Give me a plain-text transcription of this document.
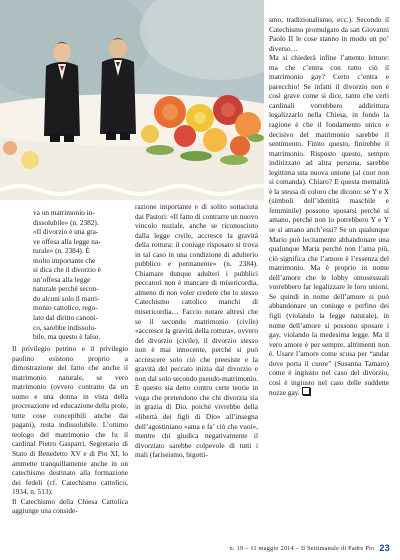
va un matrimonio in-
dissolubile» (n. 2382).
«Il divorzio è una gra-
ve offesa alla legge na-
turale» (n. 2384). È
molto importante che
si dica che il divorzio è
un’offesa alla legge
naturale perché secon-
do alcuni solo il matri-
monio cattolico, rego-
lato dal diritto canoni-
co, sarebbe indissolu-
bile, ma questo è falso.

Il privilegio petrino e il privilegio paolino esistono proprio a dimostrazione del fatto che anche il matrimonio naturale, se vero matrimonio (ovvero contratto da un uomo e una donna in vista della procreazione ed educazione della prole, tutte cose concepibili anche dai pagani), resta indissolubile. L’ottimo teologo del matrimonio che fu il cardinal Pietro Gasparri, Segretario di Stato di Benedetto XV e di Pio XI, lo ammette tranquillamente anche in un catechismo destinato alla formazione dei fedeli (cf. Catechismo cattolico, 1934, n. 513).
Il Catechismo della Chiesa Cattolica aggiunge una conside-

razione importante e di solito sottaciuta dai Pastori: «Il fatto di contrarre un nuovo vincolo nuziale, anche se riconosciuto dalla legge civile, accresce la gravità della rottura: il coniuge risposato si trova in tal caso in una condizione di adulterio pubblico e permanente» (n. 2384). Chiamare dunque adulteri i pubblici peccatori non è mancare di misericordia, almeno di non voler credere che lo stesso Catechismo cattolico manchi di misericordia… Faccio notare altresì che se il secondo matrimonio (civile) «accresce la gravità della rottura», ovvero del divorzio (civile), il divorzio stesso non è mai innocente, perché si può accrescere solo ciò che preesiste e la gravità del peccato inizia dal divorzio e non dal solo secondo pseudo-matrimonio. È questo sia detto contro certe teorie in voga che pretendono che chi divorzia sia in grazia di Dio, poiché vivrebbe della «libertà dei figli di Dio» all’insegna dell’agostiniano «ama e fa’ ciò che vuoi», mentre chi giudica negativamente il divorziato sarebbe colpevole di tutti i mali (fariseismo, bigotti-

smo, tradizionalismo, ecc.). Secondo il Catechismo promulgato da san Giovanni Paolo II le cose stanno in modo un po’ diverso…
Ma si chiederà infine l’attento lettore: ma che c’entra con tutto ciò il matrimonio gay? Certo c’entra e parecchio! Se infatti il divorzio non è così grave come si dice, tanto che certi cardinali vorrebbero addirittura legalizzarlo nella Chiesa, in fondo la ragione è che il fondamento unico e decisivo del matrimonio sarebbe il sentimento. Finito questo, finirebbe il matrimonio. Risposto questo, sempre indirizzato ad altra persona, sarebbe legittima una nuova unione (al cuor non si comanda). Chiaro? E questa mentalità è la stessa di coloro che dicono: se Y e X (simboli dell’identità maschile e femminile) possono sposarsi perché si amano, perché non lo potrebbero Y e Y se si amano anch’essi? Se un qualunque Mario può lecitamente abbandonare una qualunque Maria perché non l’ama più, ciò significa che l’amore è l’essenza del matrimonio. Ma è proprio in nome dell’amore che le lobby omosessuali vorrebbero far legalizzare le loro unioni. Se quindi in nome dell’amore si può abbandonare un coniuge e perfino dei figli (violando la legge naturale), in nome dell’amore si possono sposare i gay, violando la medesima legge. Ma il vero amore è per sempre, altrimenti non è. Usare l’amore come scusa per “andar dove porta il cuore” (Susanna Tamaro) come è ingiusto nel caso del divorzio, così è ingiusto nel caso delle suddette nozze gay.

n. 19 – 11 maggio 2014 – Il Settimanale di Padre Pio 23
